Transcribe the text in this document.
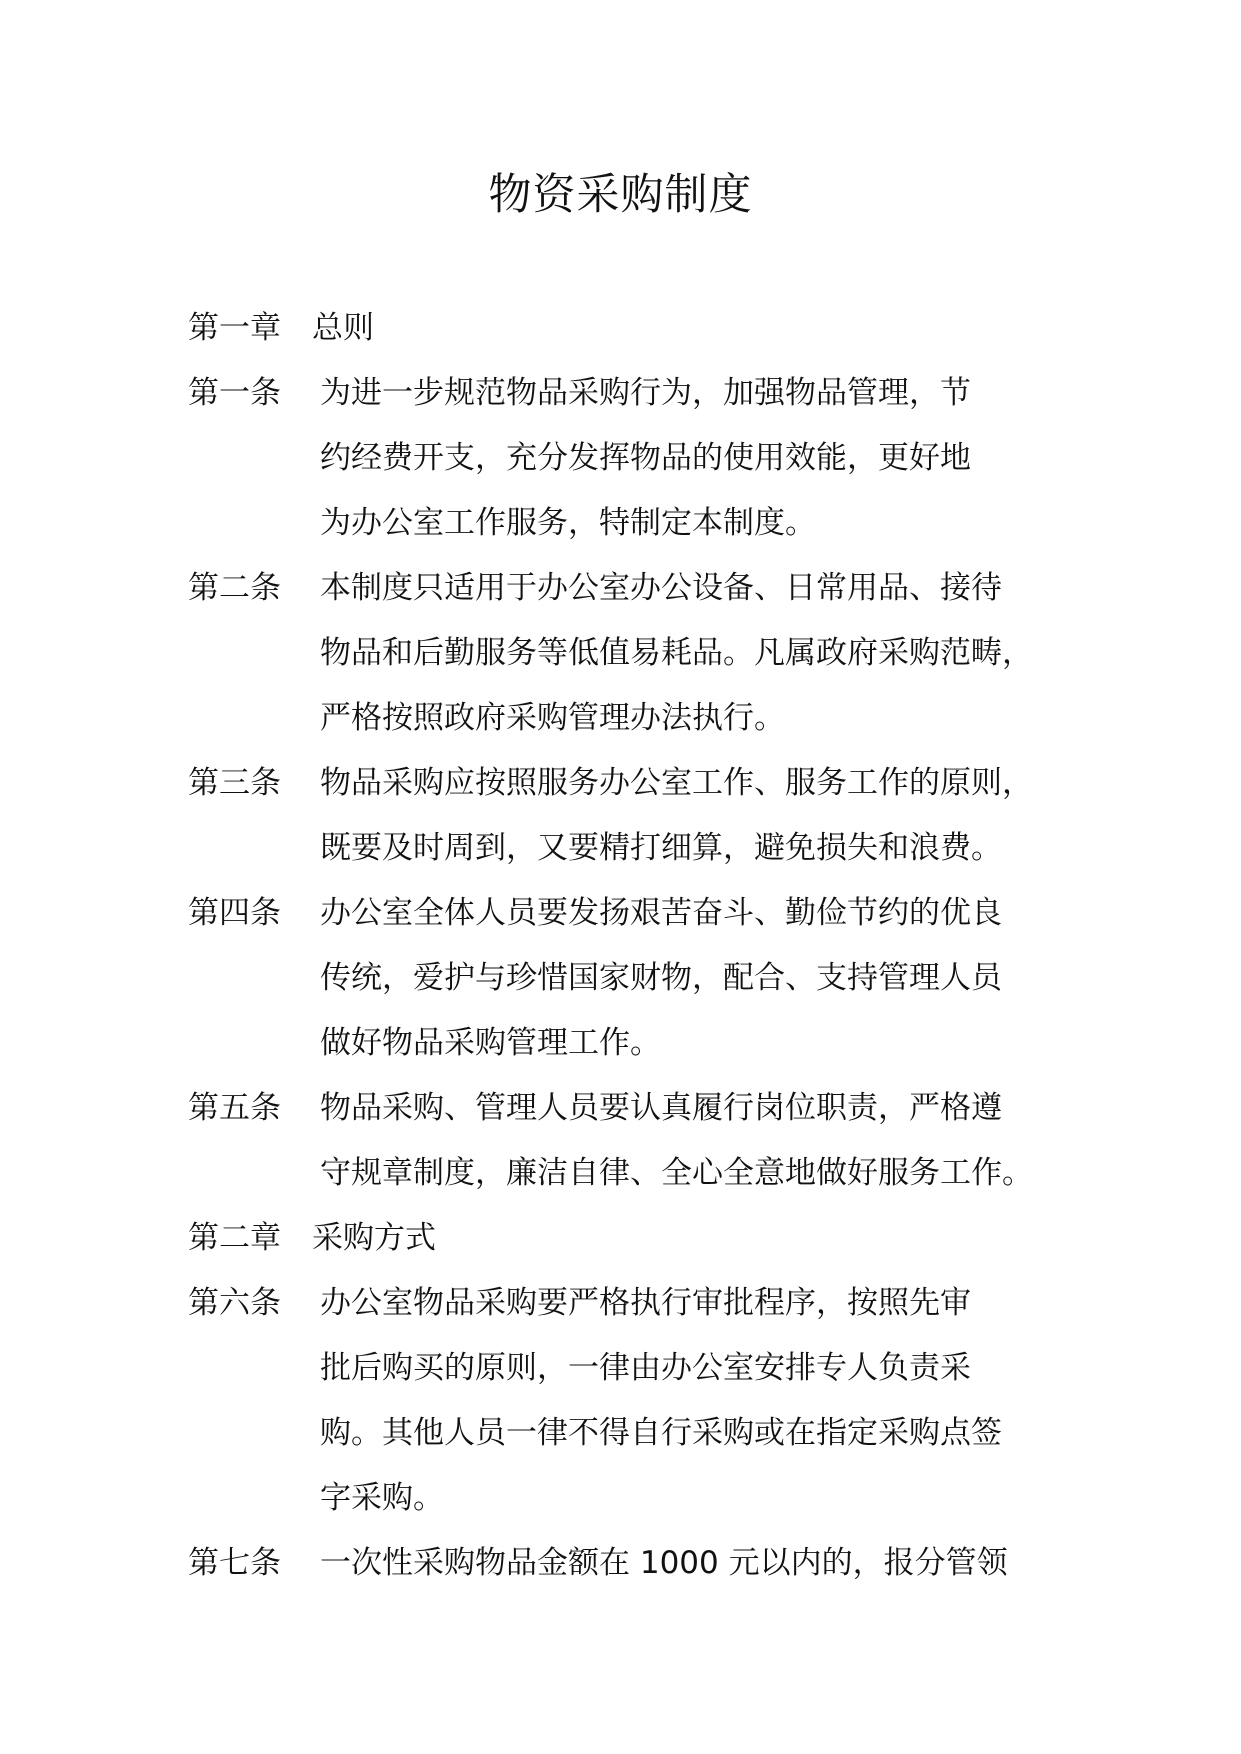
物资采购制度
第一章	总则
第一条	为进一步规范物品采购行为，加强物品管理，节
约经费开支，充分发挥物品的使用效能，更好地
为办公室工作服务，特制定本制度。
第二条	本制度只适用于办公室办公设备、日常用品、接待
物品和后勤服务等低值易耗品。凡属政府采购范畴，
严格按照政府采购管理办法执行。
第三条	物品采购应按照服务办公室工作、服务工作的原则，
既要及时周到，又要精打细算，避免损失和浪费。
第四条	办公室全体人员要发扬艰苦奋斗、勤俭节约的优良
传统，爱护与珍惜国家财物，配合、支持管理人员
做好物品采购管理工作。
第五条	物品采购、管理人员要认真履行岗位职责，严格遵
守规章制度，廉洁自律、全心全意地做好服务工作。
第二章	采购方式
第六条	办公室物品采购要严格执行审批程序，按照先审
批后购买的原则，一律由办公室安排专人负责采
购。其他人员一律不得自行采购或在指定采购点签
字采购。
第七条	一次性采购物品金额在 1000 元以内的，报分管领
